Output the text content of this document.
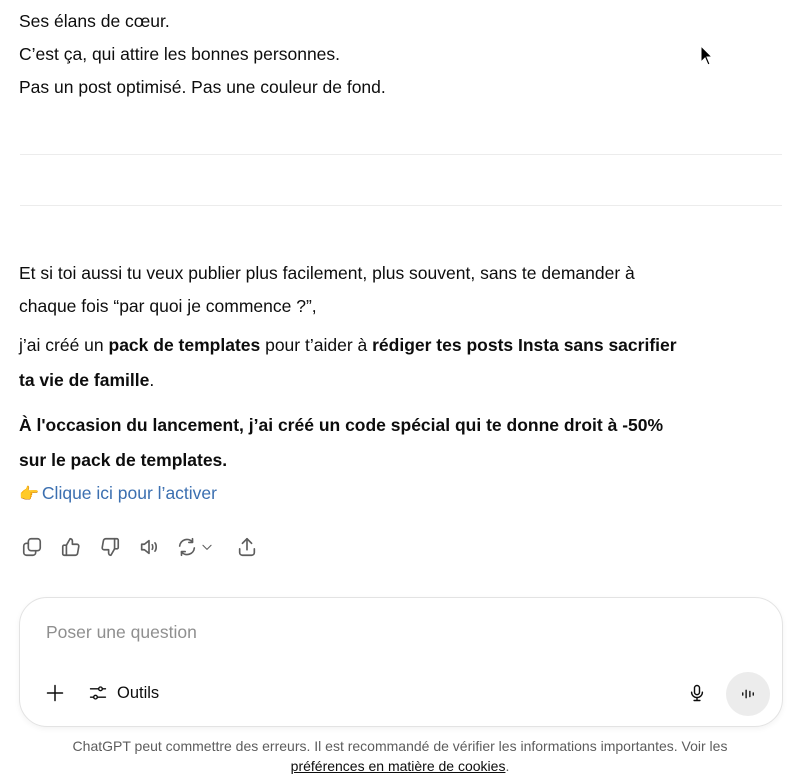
Ses élans de cœur.
C’est ça, qui attire les bonnes personnes.
Pas un post optimisé. Pas une couleur de fond.
Et si toi aussi tu veux publier plus facilement, plus souvent, sans te demander à
chaque fois “par quoi je commence ?”,
j’ai créé un pack de templates pour t’aider à rédiger tes posts Insta sans sacrifier
ta vie de famille.
À l'occasion du lancement, j’ai créé un code spécial qui te donne droit à -50%
sur le pack de templates.
👉 Clique ici pour l’activer
Poser une question
Outils
ChatGPT peut commettre des erreurs. Il est recommandé de vérifier les informations importantes. Voir les
préférences en matière de cookies.
